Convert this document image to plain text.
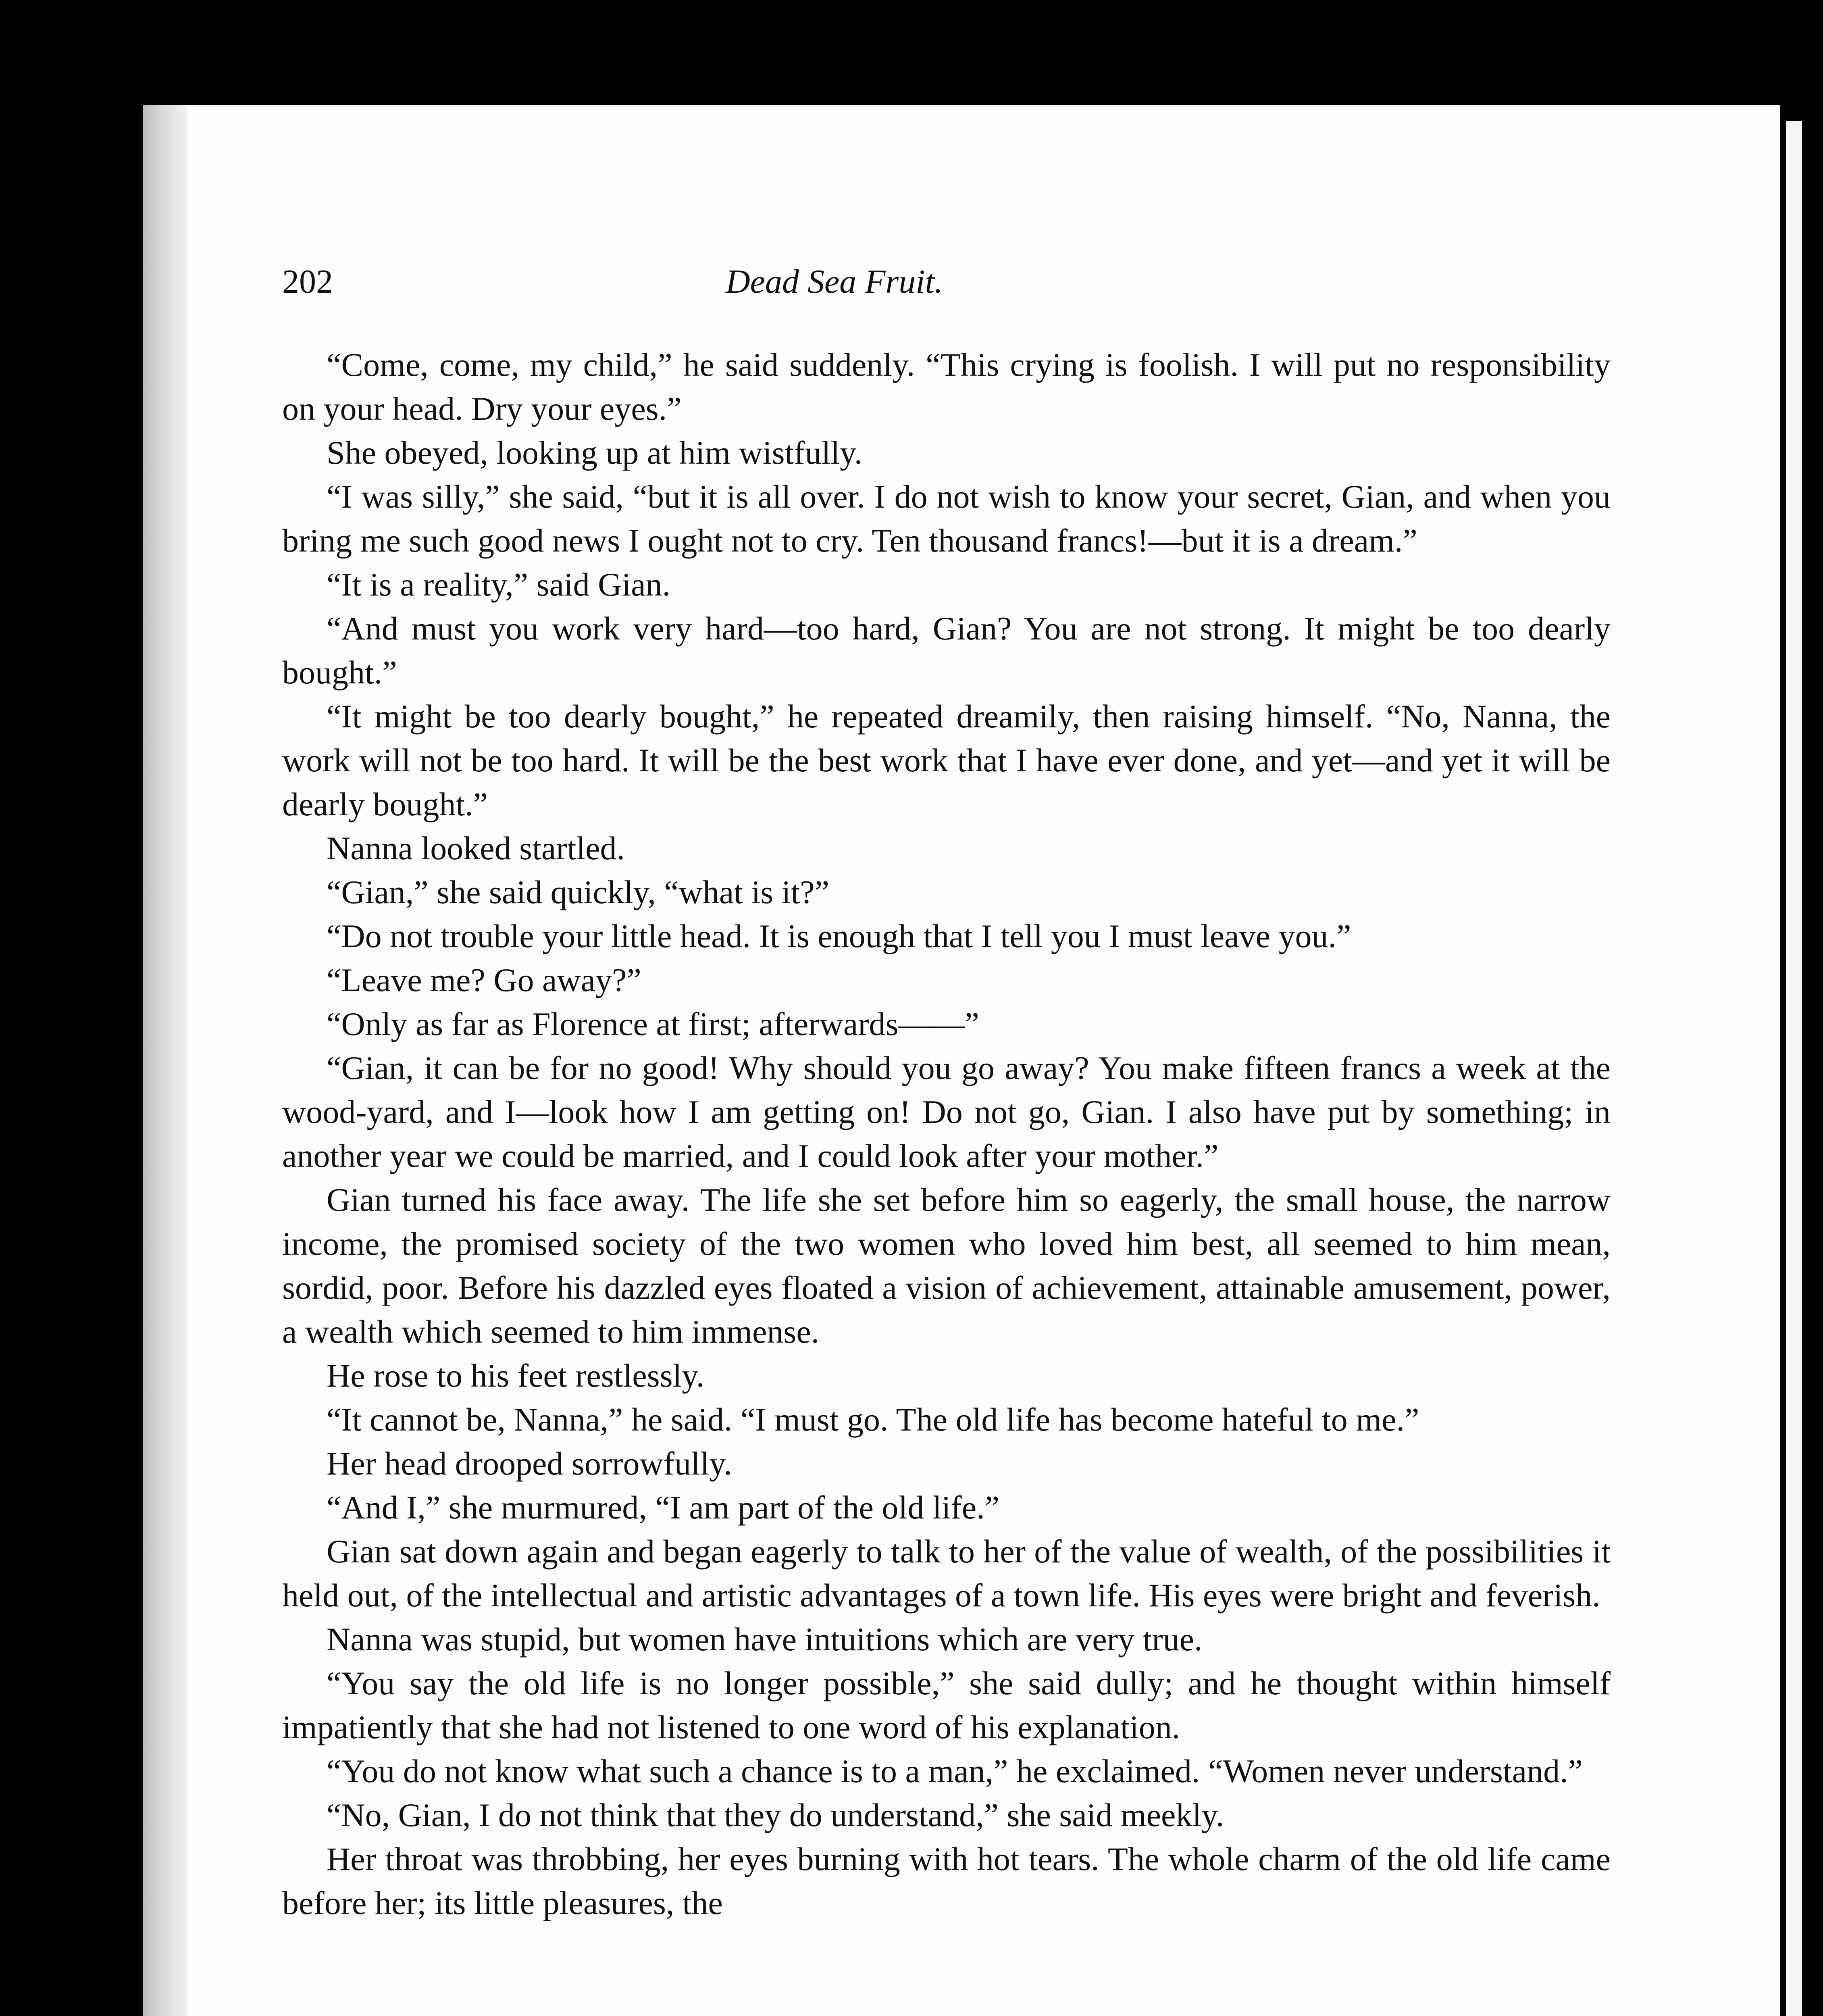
202	Dead Sea Fruit.

“Come, come, my child,” he said suddenly. “This crying is foolish. I will put no responsibility on your head. Dry your eyes.”

She obeyed, looking up at him wistfully.

“I was silly,” she said, “but it is all over. I do not wish to know your secret, Gian, and when you bring me such good news I ought not to cry. Ten thousand francs!—but it is a dream.”

“It is a reality,” said Gian.

“And must you work very hard—too hard, Gian? You are not strong. It might be too dearly bought.”

“It might be too dearly bought,” he repeated dreamily, then raising himself. “No, Nanna, the work will not be too hard. It will be the best work that I have ever done, and yet—and yet it will be dearly bought.”

Nanna looked startled.

“Gian,” she said quickly, “what is it?”

“Do not trouble your little head. It is enough that I tell you I must leave you.”

“Leave me? Go away?”

“Only as far as Florence at first; afterwards——”

“Gian, it can be for no good! Why should you go away? You make fifteen francs a week at the wood-yard, and I—look how I am getting on! Do not go, Gian. I also have put by something; in another year we could be married, and I could look after your mother.”

Gian turned his face away. The life she set before him so eagerly, the small house, the narrow income, the promised society of the two women who loved him best, all seemed to him mean, sordid, poor. Before his dazzled eyes floated a vision of achievement, attainable amusement, power, a wealth which seemed to him immense.

He rose to his feet restlessly.

“It cannot be, Nanna,” he said. “I must go. The old life has become hateful to me.”

Her head drooped sorrowfully.

“And I,” she murmured, “I am part of the old life.”

Gian sat down again and began eagerly to talk to her of the value of wealth, of the possibilities it held out, of the intellectual and artistic advantages of a town life. His eyes were bright and feverish.

Nanna was stupid, but women have intuitions which are very true.

“You say the old life is no longer possible,” she said dully; and he thought within himself impatiently that she had not listened to one word of his explanation.

“You do not know what such a chance is to a man,” he exclaimed. “Women never understand.”

“No, Gian, I do not think that they do understand,” she said meekly.

Her throat was throbbing, her eyes burning with hot tears. The whole charm of the old life came before her; its little pleasures, the
